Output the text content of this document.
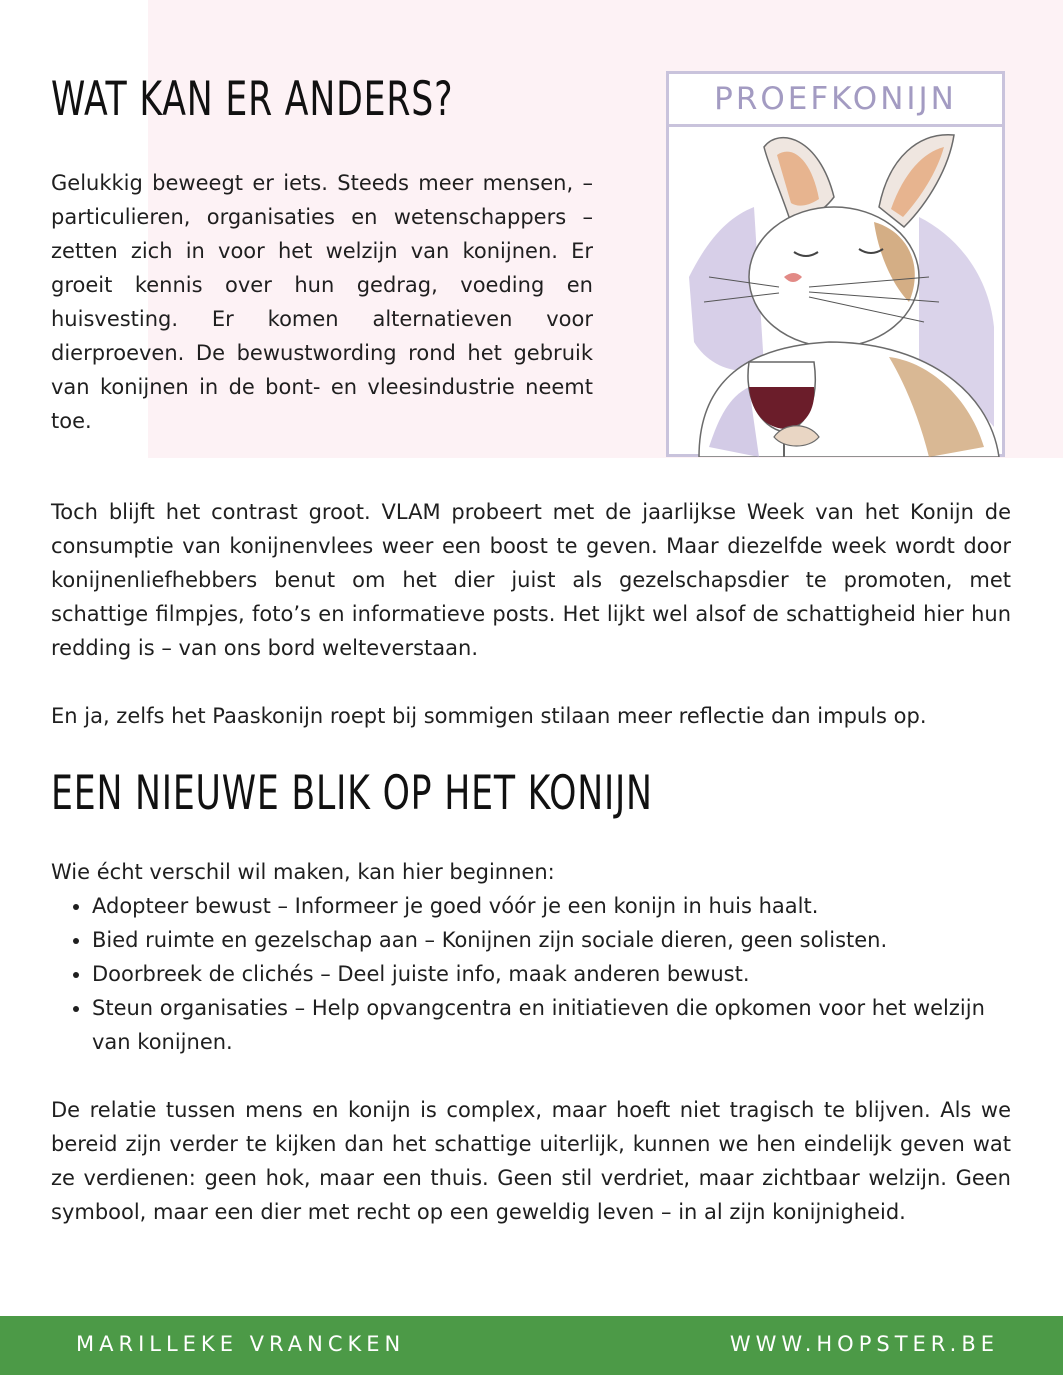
WAT KAN ER ANDERS?

Gelukkig beweegt er iets. Steeds meer mensen, – particulieren, organisaties en wetenschappers – zetten zich in voor het welzijn van konijnen. Er groeit kennis over hun gedrag, voeding en huisvesting. Er komen alternatieven voor dierproeven. De bewustwording rond het gebruik van konijnen in de bont- en vleesindustrie neemt toe.

PROEFKONIJN

Toch blijft het contrast groot. VLAM probeert met de jaarlijkse Week van het Konijn de consumptie van konijnenvlees weer een boost te geven. Maar diezelfde week wordt door konijnenliefhebbers benut om het dier juist als gezelschapsdier te promoten, met schattige filmpjes, foto’s en informatieve posts. Het lijkt wel alsof de schattigheid hier hun redding is – van ons bord welteverstaan.

En ja, zelfs het Paaskonijn roept bij sommigen stilaan meer reflectie dan impuls op.

EEN NIEUWE BLIK OP HET KONIJN

Wie écht verschil wil maken, kan hier beginnen:

• Adopteer bewust – Informeer je goed vóór je een konijn in huis haalt.
• Bied ruimte en gezelschap aan – Konijnen zijn sociale dieren, geen solisten.
• Doorbreek de clichés – Deel juiste info, maak anderen bewust.
• Steun organisaties – Help opvangcentra en initiatieven die opkomen voor het welzijn van konijnen.

De relatie tussen mens en konijn is complex, maar hoeft niet tragisch te blijven. Als we bereid zijn verder te kijken dan het schattige uiterlijk, kunnen we hen eindelijk geven wat ze verdienen: geen hok, maar een thuis. Geen stil verdriet, maar zichtbaar welzijn. Geen symbool, maar een dier met recht op een geweldig leven – in al zijn konijnigheid.

MARILLEKE VRANCKEN	WWW.HOPSTER.BE
